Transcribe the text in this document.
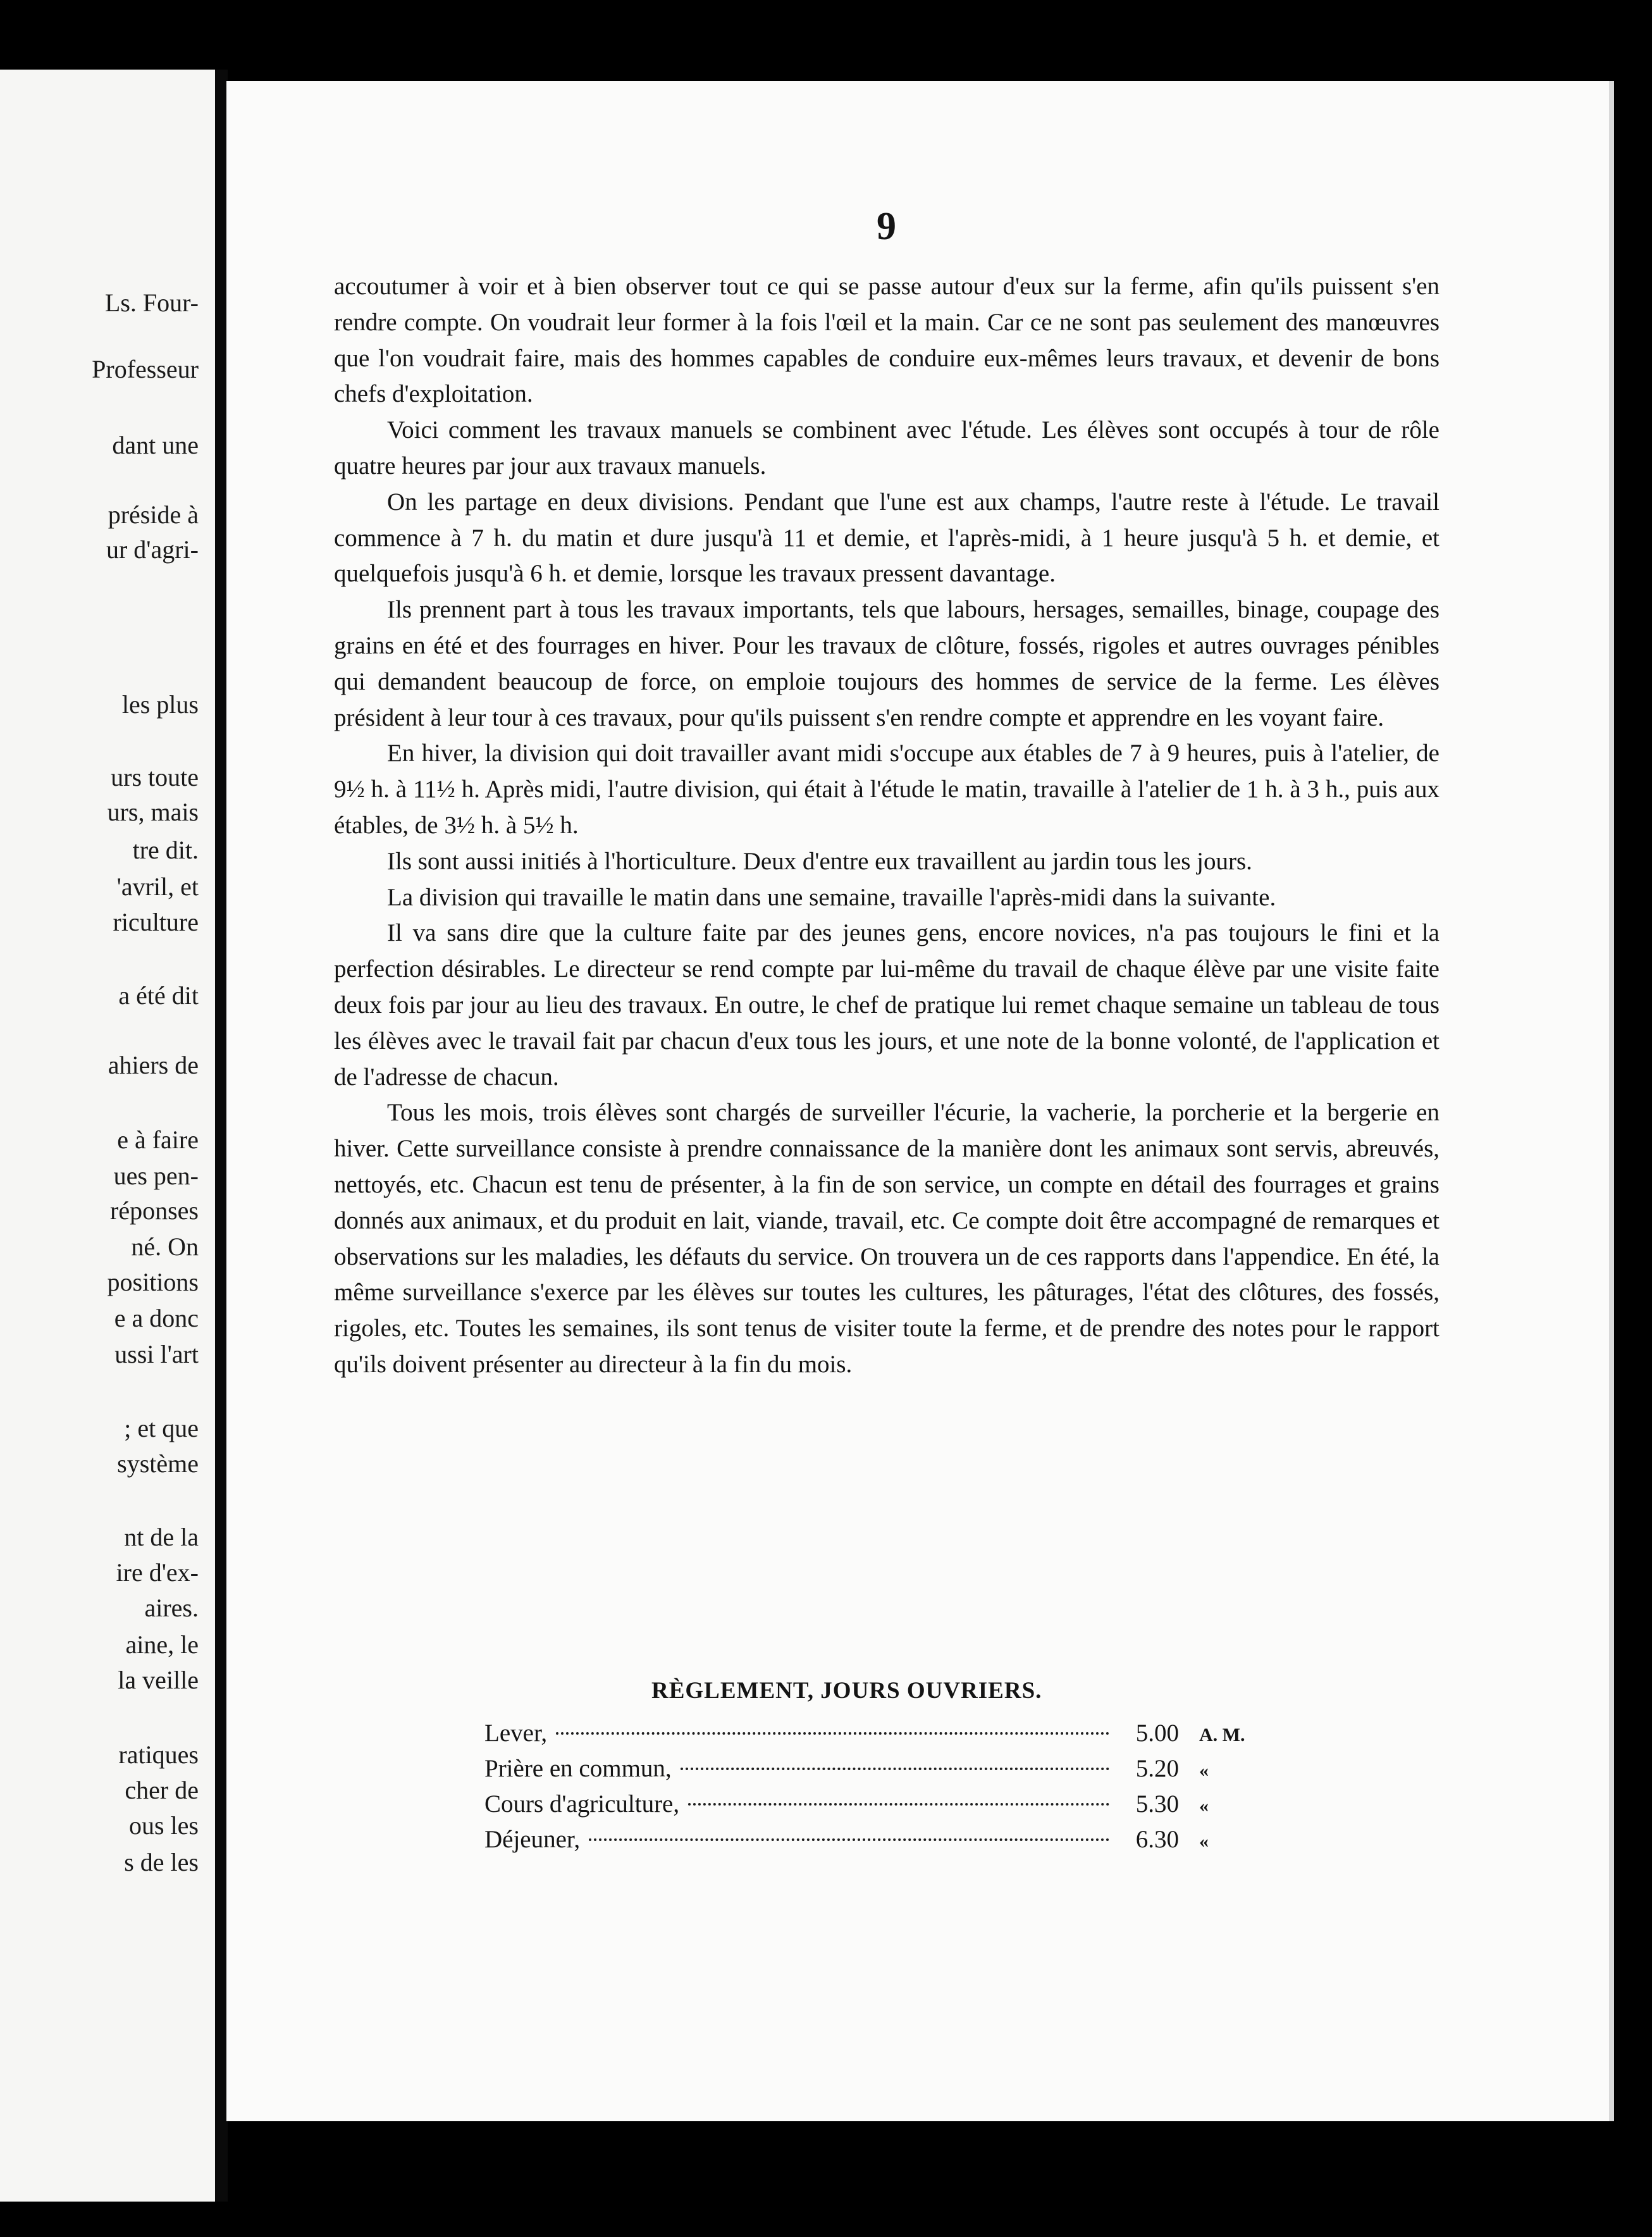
Ls. Four-
Professeur
dant une
préside à
ur d'agri-
les plus
urs toute
urs, mais
tre dit.
'avril, et
riculture
a été dit
ahiers de
e à faire
ues pen-
réponses
né. On
positions
e a donc
ussi l'art
; et que
système
nt de la
ire d'ex-
aires.
aine, le
la veille
ratiques
cher de
ous les
s de les
9

accoutumer à voir et à bien observer tout ce qui se passe autour d'eux sur la ferme, afin qu'ils puissent s'en rendre compte. On voudrait leur former à la fois l'œil et la main. Car ce ne sont pas seulement des manœuvres que l'on voudrait faire, mais des hommes capables de conduire eux-mêmes leurs travaux, et devenir de bons chefs d'exploitation.

Voici comment les travaux manuels se combinent avec l'étude. Les élèves sont occupés à tour de rôle quatre heures par jour aux travaux manuels.

On les partage en deux divisions. Pendant que l'une est aux champs, l'autre reste à l'étude. Le travail commence à 7 h. du matin et dure jusqu'à 11 et demie, et l'après-midi, à 1 heure jusqu'à 5 h. et demie, et quelquefois jusqu'à 6 h. et demie, lorsque les travaux pressent davantage.

Ils prennent part à tous les travaux importants, tels que labours, hersages, semailles, binage, coupage des grains en été et des fourrages en hiver. Pour les travaux de clôture, fossés, rigoles et autres ouvrages pénibles qui demandent beaucoup de force, on emploie toujours des hommes de service de la ferme. Les élèves président à leur tour à ces travaux, pour qu'ils puissent s'en rendre compte et apprendre en les voyant faire.

En hiver, la division qui doit travailler avant midi s'occupe aux étables de 7 à 9 heures, puis à l'atelier, de 9½ h. à 11½ h. Après midi, l'autre division, qui était à l'étude le matin, travaille à l'atelier de 1 h. à 3 h., puis aux étables, de 3½ h. à 5½ h.

Ils sont aussi initiés à l'horticulture. Deux d'entre eux travaillent au jardin tous les jours.

La division qui travaille le matin dans une semaine, travaille l'après-midi dans la suivante.

Il va sans dire que la culture faite par des jeunes gens, encore novices, n'a pas toujours le fini et la perfection désirables. Le directeur se rend compte par lui-même du travail de chaque élève par une visite faite deux fois par jour au lieu des travaux. En outre, le chef de pratique lui remet chaque semaine un tableau de tous les élèves avec le travail fait par chacun d'eux tous les jours, et une note de la bonne volonté, de l'application et de l'adresse de chacun.

Tous les mois, trois élèves sont chargés de surveiller l'écurie, la vacherie, la porcherie et la bergerie en hiver. Cette surveillance consiste à prendre connaissance de la manière dont les animaux sont servis, abreuvés, nettoyés, etc. Chacun est tenu de présenter, à la fin de son service, un compte en détail des fourrages et grains donnés aux animaux, et du produit en lait, viande, travail, etc. Ce compte doit être accompagné de remarques et observations sur les maladies, les défauts du service. On trouvera un de ces rapports dans l'appendice. En été, la même surveillance s'exerce par les élèves sur toutes les cultures, les pâturages, l'état des clôtures, des fossés, rigoles, etc. Toutes les semaines, ils sont tenus de visiter toute la ferme, et de prendre des notes pour le rapport qu'ils doivent présenter au directeur à la fin du mois.

RÈGLEMENT, JOURS OUVRIERS.
Lever,	5.00	A. M.
Prière en commun,	5.20	«
Cours d'agriculture,	5.30	«
Déjeuner,	6.30	«
